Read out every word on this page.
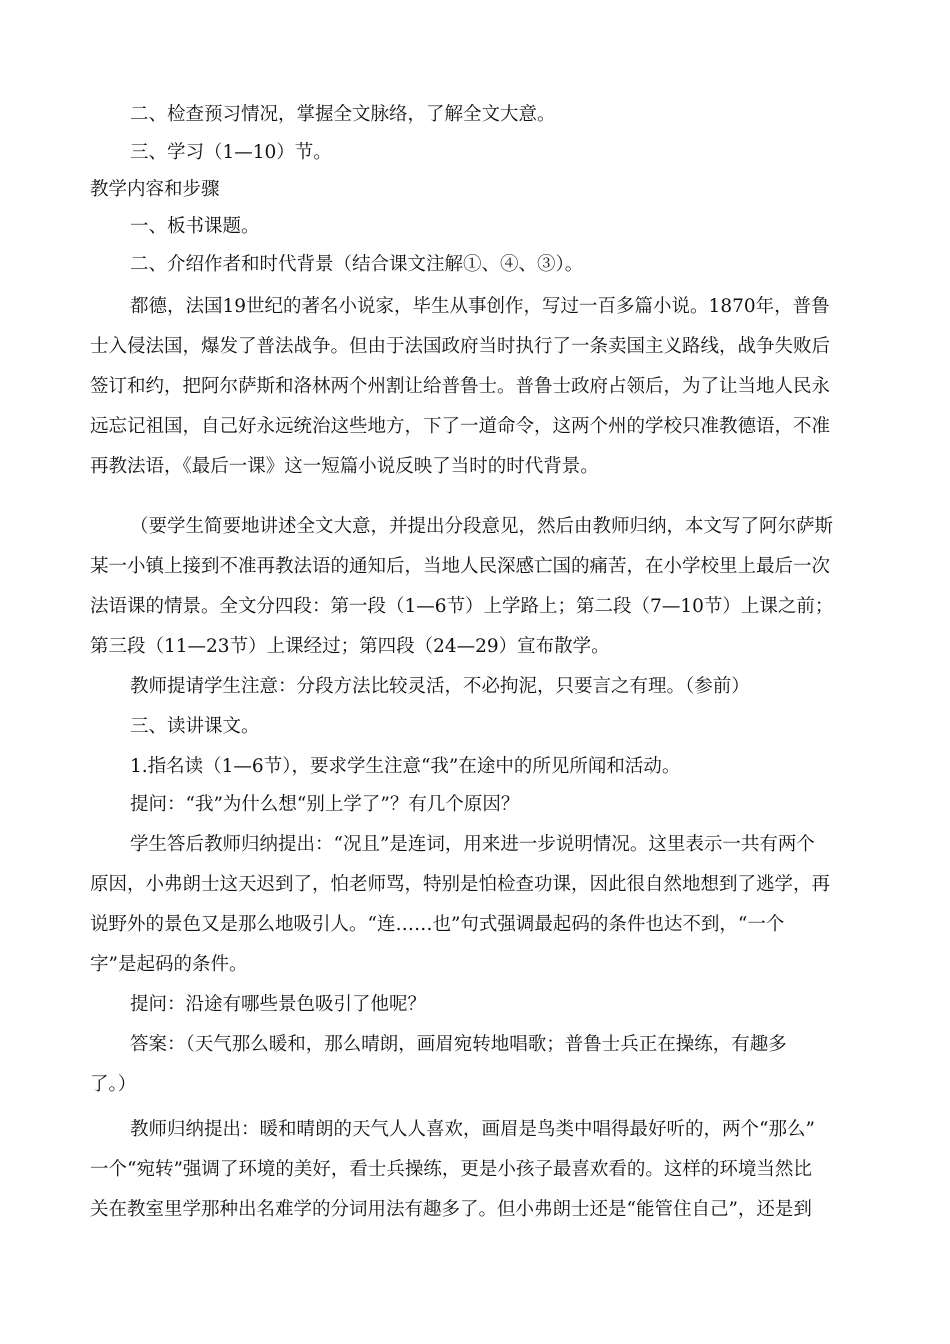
二、检查预习情况，掌握全文脉络，了解全文大意。
三、学习（1—10）节。
教学内容和步骤
一、板书课题。
二、介绍作者和时代背景（结合课文注解①、④、③）。
都德，法国19世纪的著名小说家，毕生从事创作，写过一百多篇小说。1870年，普鲁
士入侵法国，爆发了普法战争。但由于法国政府当时执行了一条卖国主义路线，战争失败后
签订和约，把阿尔萨斯和洛林两个州割让给普鲁士。普鲁士政府占领后，为了让当地人民永
远忘记祖国，自己好永远统治这些地方，下了一道命令，这两个州的学校只准教德语，不准
再教法语，《最后一课》这一短篇小说反映了当时的时代背景。
（要学生简要地讲述全文大意，并提出分段意见，然后由教师归纳，本文写了阿尔萨斯
某一小镇上接到不准再教法语的通知后，当地人民深感亡国的痛苦，在小学校里上最后一次
法语课的情景。全文分四段：第一段（1—6节）上学路上；第二段（7—10节）上课之前；
第三段（11—23节）上课经过；第四段（24—29）宣布散学。
教师提请学生注意：分段方法比较灵活，不必拘泥，只要言之有理。（参前）
三、读讲课文。
1.指名读（1—6节），要求学生注意“我”在途中的所见所闻和活动。
提问：“我”为什么想“别上学了”？有几个原因？
学生答后教师归纳提出：“况且”是连词，用来进一步说明情况。这里表示一共有两个
原因，小弗朗士这天迟到了，怕老师骂，特别是怕检查功课，因此很自然地想到了逃学，再
说野外的景色又是那么地吸引人。“连……也”句式强调最起码的条件也达不到，“一个
字”是起码的条件。
提问：沿途有哪些景色吸引了他呢？
答案：（天气那么暖和，那么晴朗，画眉宛转地唱歌；普鲁士兵正在操练，有趣多
了。）
教师归纳提出：暖和晴朗的天气人人喜欢，画眉是鸟类中唱得最好听的，两个“那么”
一个“宛转”强调了环境的美好，看士兵操练，更是小孩子最喜欢看的。这样的环境当然比
关在教室里学那种出名难学的分词用法有趣多了。但小弗朗士还是“能管住自己”，还是到
